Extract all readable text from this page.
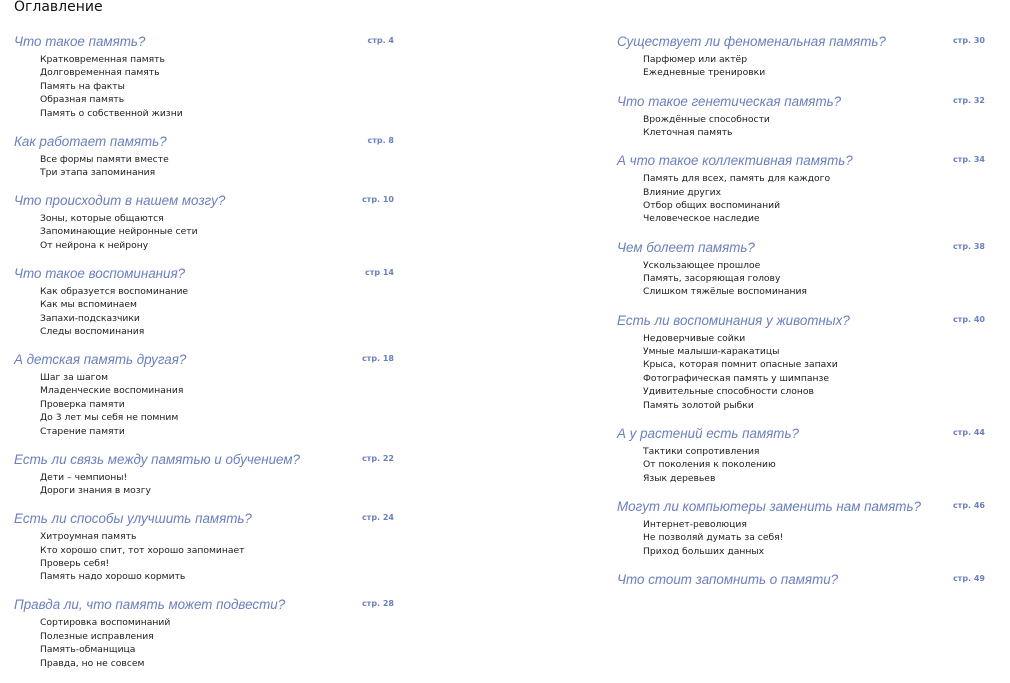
Оглавление
Что такое память?	стр. 4
Кратковременная память
Долговременная память
Память на факты
Образная память
Память о собственной жизни
Как работает память?	стр. 8
Все формы памяти вместе
Три этапа запоминания
Что происходит в нашем мозгу?	стр. 10
Зоны, которые общаются
Запоминающие нейронные сети
От нейрона к нейрону
Что такое воспоминания?	стр 14
Как образуется воспоминание
Как мы вспоминаем
Запахи-подсказчики
Следы воспоминания
А детская память другая?	стр. 18
Шаг за шагом
Младенческие воспоминания
Проверка памяти
До 3 лет мы себя не помним
Старение памяти
Есть ли связь между памятью и обучением?	стр. 22
Дети – чемпионы!
Дороги знания в мозгу
Есть ли способы улучшить память?	стр. 24
Хитроумная память
Кто хорошо спит, тот хорошо запоминает
Проверь себя!
Память надо хорошо кормить
Правда ли, что память может подвести?	стр. 28
Сортировка воспоминаний
Полезные исправления
Память-обманщица
Правда, но не совсем
Существует ли феноменальная память?	стр. 30
Парфюмер или актёр
Ежедневные тренировки
Что такое генетическая память?	стр. 32
Врождённые способности
Клеточная память
А что такое коллективная память?	стр. 34
Память для всех, память для каждого
Влияние других
Отбор общих воспоминаний
Человеческое наследие
Чем болеет память?	стр. 38
Ускользающее прошлое
Память, засоряющая голову
Слишком тяжёлые воспоминания
Есть ли воспоминания у животных?	стр. 40
Недоверчивые сойки
Умные малыши-каракатицы
Крыса, которая помнит опасные запахи
Фотографическая память у шимпанзе
Удивительные способности слонов
Память золотой рыбки
А у растений есть память?	стр. 44
Тактики сопротивления
От поколения к поколению
Язык деревьев
Могут ли компьютеры заменить нам память?	стр. 46
Интернет-революция
Не позволяй думать за себя!
Приход больших данных
Что стоит запомнить о памяти?	стр. 49
